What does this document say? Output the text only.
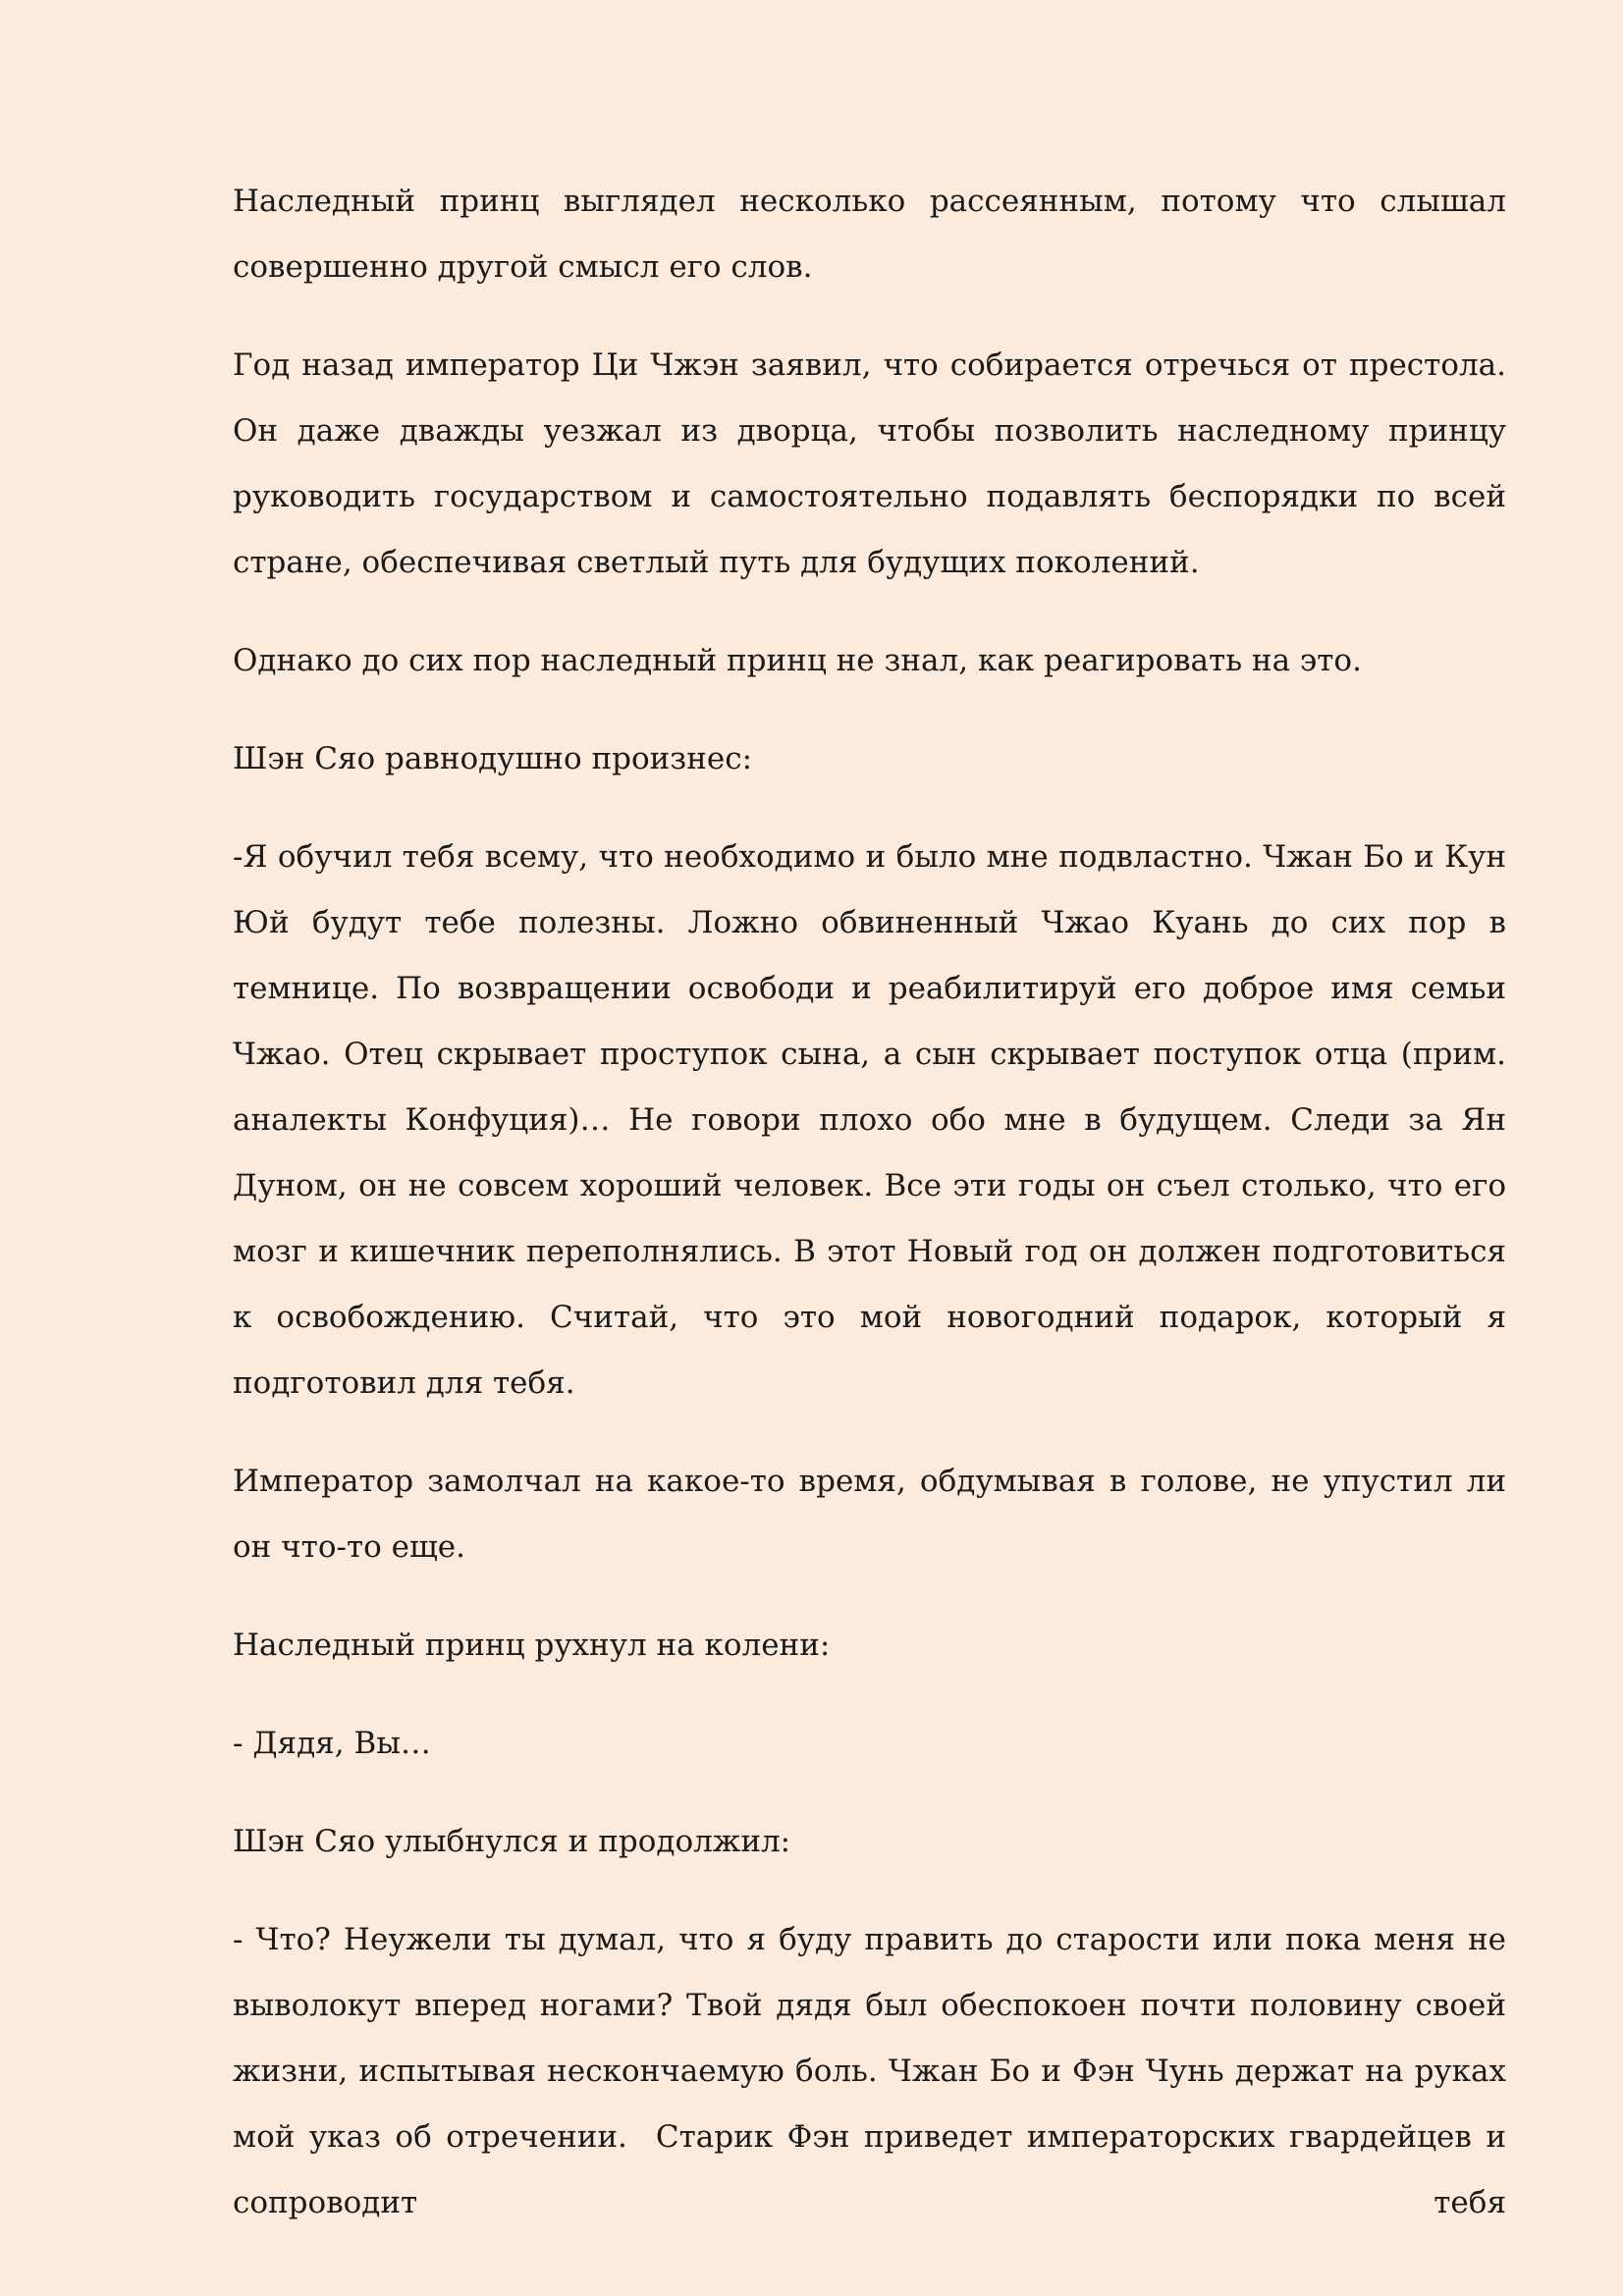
Наследный принц выглядел несколько рассеянным, потому что слышал совершенно другой смысл его слов.

Год назад император Ци Чжэн заявил, что собирается отречься от престола. Он даже дважды уезжал из дворца, чтобы позволить наследному принцу руководить государством и самостоятельно подавлять беспорядки по всей стране, обеспечивая светлый путь для будущих поколений.

Однако до сих пор наследный принц не знал, как реагировать на это.

Шэн Сяо равнодушно произнес:

-Я обучил тебя всему, что необходимо и было мне подвластно. Чжан Бо и Кун Юй будут тебе полезны. Ложно обвиненный Чжао Куань до сих пор в темнице. По возвращении освободи и реабилитируй его доброе имя семьи Чжао. Отец скрывает проступок сына, а сын скрывает поступок отца (прим. аналекты Конфуция)… Не говори плохо обо мне в будущем. Следи за Ян Дуном, он не совсем хороший человек. Все эти годы он съел столько, что его мозг и кишечник переполнялись. В этот Новый год он должен подготовиться к освобождению. Считай, что это мой новогодний подарок, который я подготовил для тебя.

Император замолчал на какое-то время, обдумывая в голове, не упустил ли он что-то еще.

Наследный принц рухнул на колени:

- Дядя, Вы…

Шэн Сяо улыбнулся и продолжил:

- Что? Неужели ты думал, что я буду править до старости или пока меня не выволокут вперед ногами? Твой дядя был обеспокоен почти половину своей жизни, испытывая нескончаемую боль. Чжан Бо и Фэн Чунь держат на руках мой указ об отречении.  Старик Фэн приведет императорских гвардейцев и сопроводит тебя
